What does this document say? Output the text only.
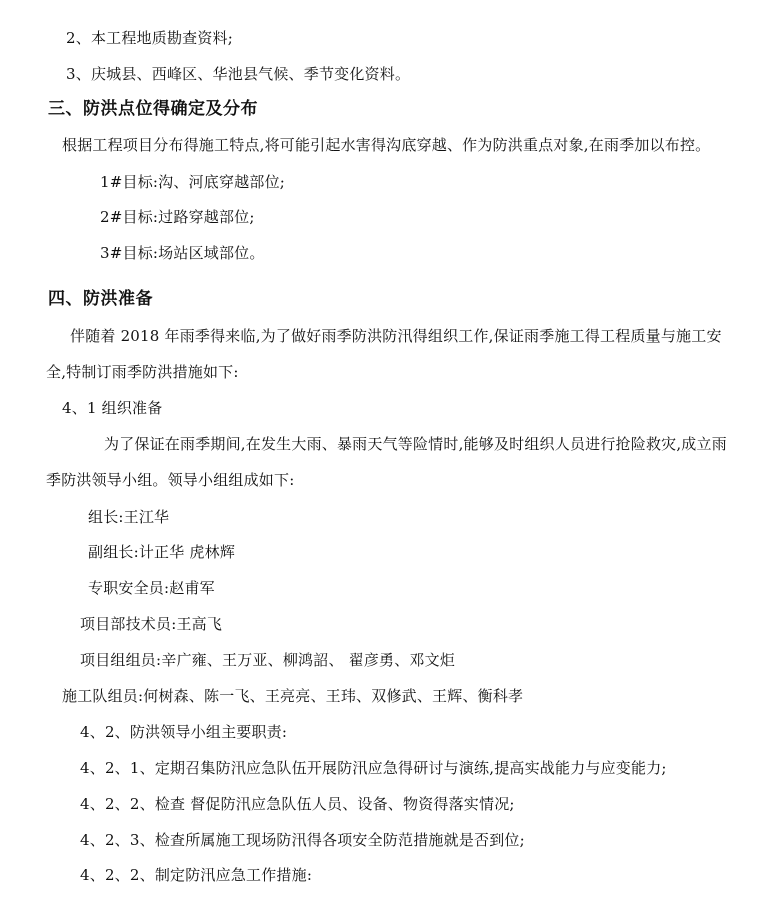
2、本工程地质勘查资料;
3、庆城县、西峰区、华池县气候、季节变化资料。
三、防洪点位得确定及分布
根据工程项目分布得施工特点,将可能引起水害得沟底穿越、作为防洪重点对象,在雨季加以布控。
1#目标:沟、河底穿越部位;
2#目标:过路穿越部位;
3#目标:场站区域部位。
四、防洪准备
伴随着 2018 年雨季得来临,为了做好雨季防洪防汛得组织工作,保证雨季施工得工程质量与施工安
全,特制订雨季防洪措施如下:
4、1 组织准备
为了保证在雨季期间,在发生大雨、暴雨天气等险情时,能够及时组织人员进行抢险救灾,成立雨
季防洪领导小组。领导小组组成如下:
组长:王江华
副组长:计正华 虎林辉
专职安全员:赵甫军
项目部技术员:王高飞
项目组组员:辛广雍、王万亚、柳鸿詔、 翟彦勇、邓文炬
施工队组员:何树森、陈一飞、王亮亮、王玮、双修武、王辉、衡科孝
4、2、防洪领导小组主要职责:
4、2、1、定期召集防汛应急队伍开展防汛应急得研讨与演练,提高实战能力与应变能力;
4、2、2、检查 督促防汛应急队伍人员、设备、物资得落实情况;
4、2、3、检查所属施工现场防汛得各项安全防范措施就是否到位;
4、2、2、制定防汛应急工作措施:
